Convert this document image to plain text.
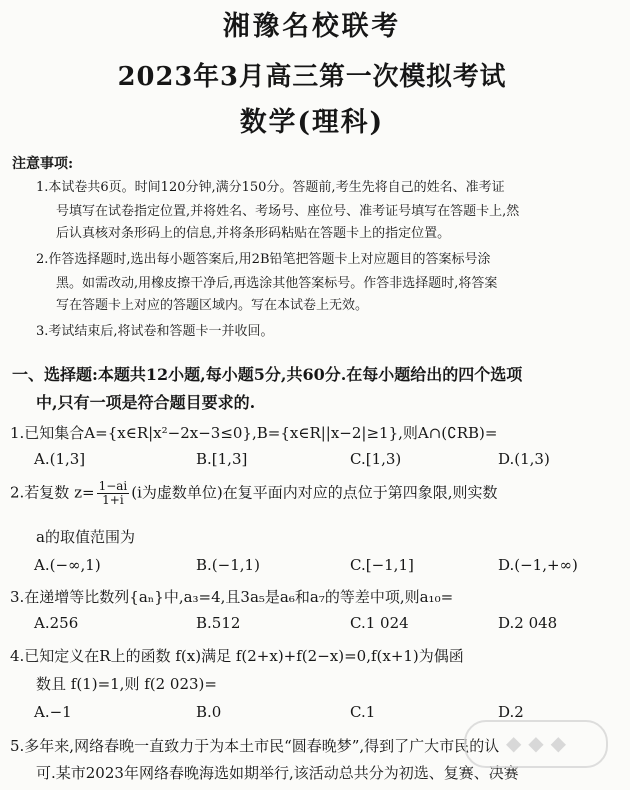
湘豫名校联考
2023年3月高三第一次模拟考试
数学(理科)
注意事项:
1.本试卷共6页。时间120分钟,满分150分。答题前,考生先将自己的姓名、准考证
号填写在试卷指定位置,并将姓名、考场号、座位号、准考证号填写在答题卡上,然
后认真核对条形码上的信息,并将条形码粘贴在答题卡上的指定位置。
2.作答选择题时,选出每小题答案后,用2B铅笔把答题卡上对应题目的答案标号涂
黑。如需改动,用橡皮擦干净后,再选涂其他答案标号。作答非选择题时,将答案
写在答题卡上对应的答题区域内。写在本试卷上无效。
3.考试结束后,将试卷和答题卡一并收回。
一、选择题:本题共12小题,每小题5分,共60分.在每小题给出的四个选项
中,只有一项是符合题目要求的.
1.已知集合A={x∈R|x²−2x−3≤0},B={x∈R||x−2|≥1},则A∩(∁RB)=
A.(1,3]	B.[1,3]	C.[1,3)	D.(1,3)
2.若复数 $z= \frac{1-ai}{1+i} (i$为虚数单位)在复平面内对应的点位于第四象限,则实数
a的取值范围为
A.(−∞,1)	B.(−1,1)	C.[−1,1]	D.(−1,+∞)
3.在递增等比数列{aₙ}中,a₃=4,且3a₅是a₆和a₇的等差中项,则a₁₀=
A.256	B.512	C.1 024	D.2 048
4.已知定义在R上的函数 f(x)满足 f(2+x)+f(2−x)=0,f(x+1)为偶函
数且 f(1)=1,则 f(2 023)=
A.−1	B.0	C.1	D.2
5.多年来,网络春晚一直致力于为本土市民“圆春晚梦”,得到了广大市民的认
可.某市2023年网络春晚海选如期举行,该活动总共分为初选、复赛、决赛
◆ ◆ ◆
